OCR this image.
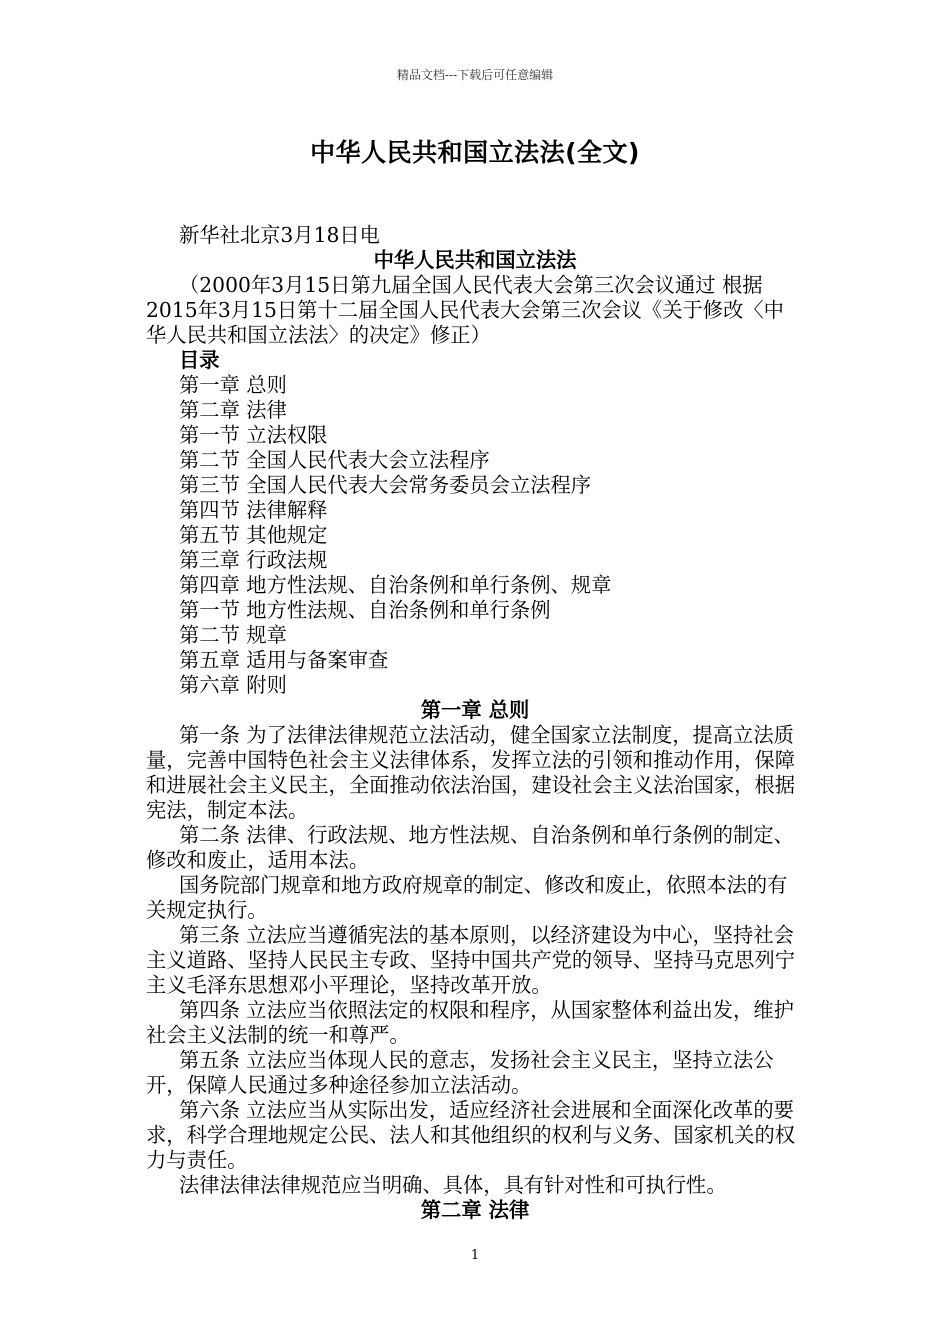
精品文档---下载后可任意编辑
中华人民共和国立法法(全文)

新华社北京3月18日电

中华人民共和国立法法

（2000年3月15日第九届全国人民代表大会第三次会议通过 根据2015年3月15日第十二届全国人民代表大会第三次会议《关于修改〈中华人民共和国立法法〉的决定》修正）

目录

第一章 总则

第二章 法律

第一节 立法权限

第二节 全国人民代表大会立法程序

第三节 全国人民代表大会常务委员会立法程序

第四节 法律解释

第五节 其他规定

第三章 行政法规

第四章 地方性法规、自治条例和单行条例、规章

第一节 地方性法规、自治条例和单行条例

第二节 规章

第五章 适用与备案审查

第六章 附则

第一章 总则

第一条 为了法律法律规范立法活动，健全国家立法制度，提高立法质量，完善中国特色社会主义法律体系，发挥立法的引领和推动作用，保障和进展社会主义民主，全面推动依法治国，建设社会主义法治国家，根据宪法，制定本法。

第二条 法律、行政法规、地方性法规、自治条例和单行条例的制定、修改和废止，适用本法。

国务院部门规章和地方政府规章的制定、修改和废止，依照本法的有关规定执行。

第三条 立法应当遵循宪法的基本原则，以经济建设为中心，坚持社会主义道路、坚持人民民主专政、坚持中国共产党的领导、坚持马克思列宁主义毛泽东思想邓小平理论，坚持改革开放。

第四条 立法应当依照法定的权限和程序，从国家整体利益出发，维护社会主义法制的统一和尊严。

第五条 立法应当体现人民的意志，发扬社会主义民主，坚持立法公开，保障人民通过多种途径参加立法活动。

第六条 立法应当从实际出发，适应经济社会进展和全面深化改革的要求，科学合理地规定公民、法人和其他组织的权利与义务、国家机关的权力与责任。

法律法律法律规范应当明确、具体，具有针对性和可执行性。

第二章 法律

1
